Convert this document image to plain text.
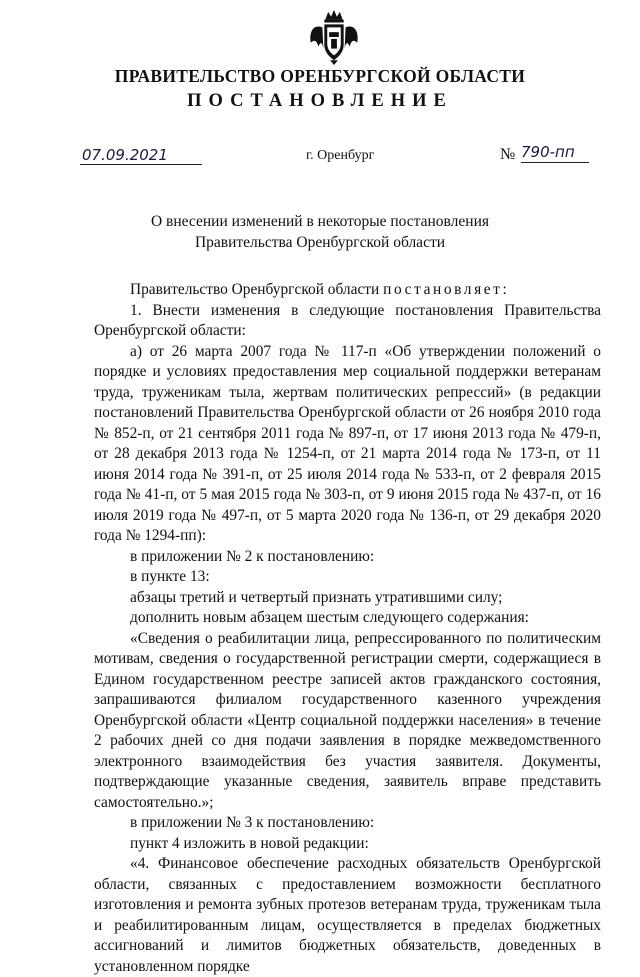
ПРАВИТЕЛЬСТВО ОРЕНБУРГСКОЙ ОБЛАСТИ
ПОСТАНОВЛЕНИЕ
07.09.2021	г. Оренбург	№ 790-пп
О внесении изменений в некоторые постановления
Правительства Оренбургской области

Правительство Оренбургской области постановляет:

1. Внести изменения в следующие постановления Правительства Оренбургской области:

а) от 26 марта 2007 года № 117-п «Об утверждении положений о порядке и условиях предоставления мер социальной поддержки ветеранам труда, труженикам тыла, жертвам политических репрессий» (в редакции постановлений Правительства Оренбургской области от 26 ноября 2010 года № 852-п, от 21 сентября 2011 года № 897-п, от 17 июня 2013 года № 479-п, от 28 декабря 2013 года № 1254-п, от 21 марта 2014 года № 173-п, от 11 июня 2014 года № 391-п, от 25 июля 2014 года № 533-п, от 2 февраля 2015 года № 41-п, от 5 мая 2015 года № 303-п, от 9 июня 2015 года № 437-п, от 16 июля 2019 года № 497-п, от 5 марта 2020 года № 136-п, от 29 декабря 2020 года № 1294-пп):

в приложении № 2 к постановлению:

в пункте 13:

абзацы третий и четвертый признать утратившими силу;

дополнить новым абзацем шестым следующего содержания:

«Сведения о реабилитации лица, репрессированного по политическим мотивам, сведения о государственной регистрации смерти, содержащиеся в Едином государственном реестре записей актов гражданского состояния, запрашиваются филиалом государственного казенного учреждения Оренбургской области «Центр социальной поддержки населения» в течение 2 рабочих дней со дня подачи заявления в порядке межведомственного электронного взаимодействия без участия заявителя. Документы, подтверждающие указанные сведения, заявитель вправе представить самостоятельно.»;

в приложении № 3 к постановлению:

пункт 4 изложить в новой редакции:

«4. Финансовое обеспечение расходных обязательств Оренбургской области, связанных с предоставлением возможности бесплатного изготовления и ремонта зубных протезов ветеранам труда, труженикам тыла и реабилитированным лицам, осуществляется в пределах бюджетных ассигнований и лимитов бюджетных обязательств, доведенных в установленном порядке
